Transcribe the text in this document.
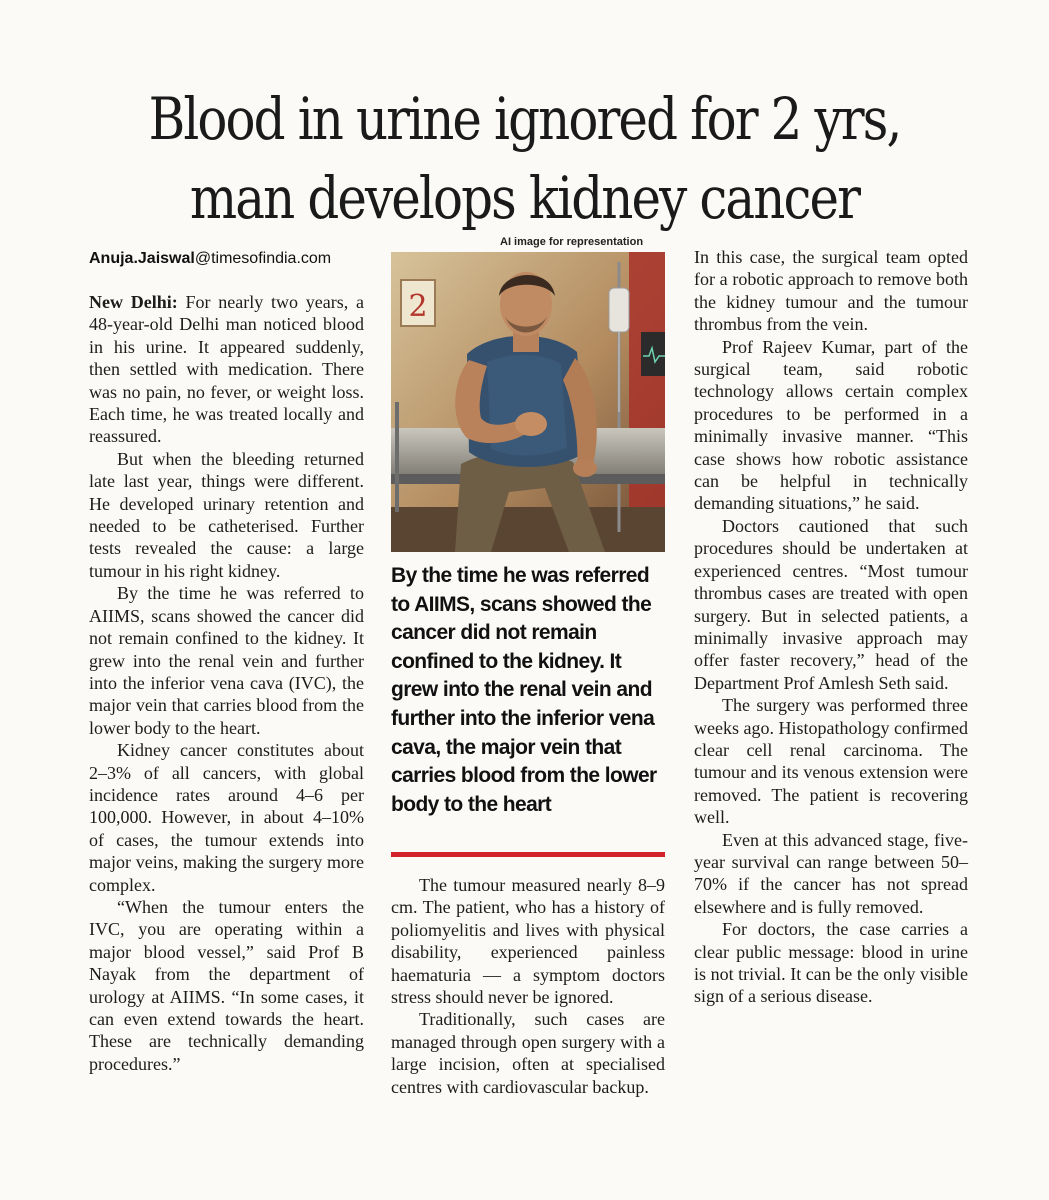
Blood in urine ignored for 2 yrs,
man develops kidney cancer
Anuja.Jaiswal@timesofindia.com
AI image for representation

New Delhi: For nearly two years, a 48-year-old Delhi man noticed blood in his urine. It appeared suddenly, then settled with medication. There was no pain, no fever, or weight loss. Each time, he was treated locally and reassured.

But when the bleeding returned late last year, things were different. He developed urinary retention and needed to be catheterised. Further tests revealed the cause: a large tumour in his right kidney.

By the time he was referred to AIIMS, scans showed the cancer did not remain confined to the kidney. It grew into the renal vein and further into the inferior vena cava (IVC), the major vein that carries blood from the lower body to the heart.

Kidney cancer constitutes about 2–3% of all cancers, with global incidence rates around 4–6 per 100,000. However, in about 4–10% of cases, the tumour extends into major veins, making the surgery more complex.

“When the tumour enters the IVC, you are operating within a major blood vessel,” said Prof B Nayak from the department of urology at AIIMS. “In some cases, it can even extend towards the heart. These are technically demanding procedures.”

2

By the time he was referred to AIIMS, scans showed the cancer did not remain confined to the kidney. It grew into the renal vein and further into the inferior vena cava, the major vein that carries blood from the lower body to the heart

The tumour measured nearly 8–9 cm. The patient, who has a history of poliomyelitis and lives with physical disability, experienced painless haematuria — a symptom doctors stress should never be ignored.

Traditionally, such cases are managed through open surgery with a large incision, often at specialised centres with cardiovascular backup.

In this case, the surgical team opted for a robotic approach to remove both the kidney tumour and the tumour thrombus from the vein.

Prof Rajeev Kumar, part of the surgical team, said robotic technology allows certain complex procedures to be performed in a minimally invasive manner. “This case shows how robotic assistance can be helpful in technically demanding situations,” he said.

Doctors cautioned that such procedures should be undertaken at experienced centres. “Most tumour thrombus cases are treated with open surgery. But in selected patients, a minimally invasive approach may offer faster recovery,” head of the Department Prof Amlesh Seth said.

The surgery was performed three weeks ago. Histopathology confirmed clear cell renal carcinoma. The tumour and its venous extension were removed. The patient is recovering well.

Even at this advanced stage, five-year survival can range between 50–70% if the cancer has not spread elsewhere and is fully removed.

For doctors, the case carries a clear public message: blood in urine is not trivial. It can be the only visible sign of a serious disease.
